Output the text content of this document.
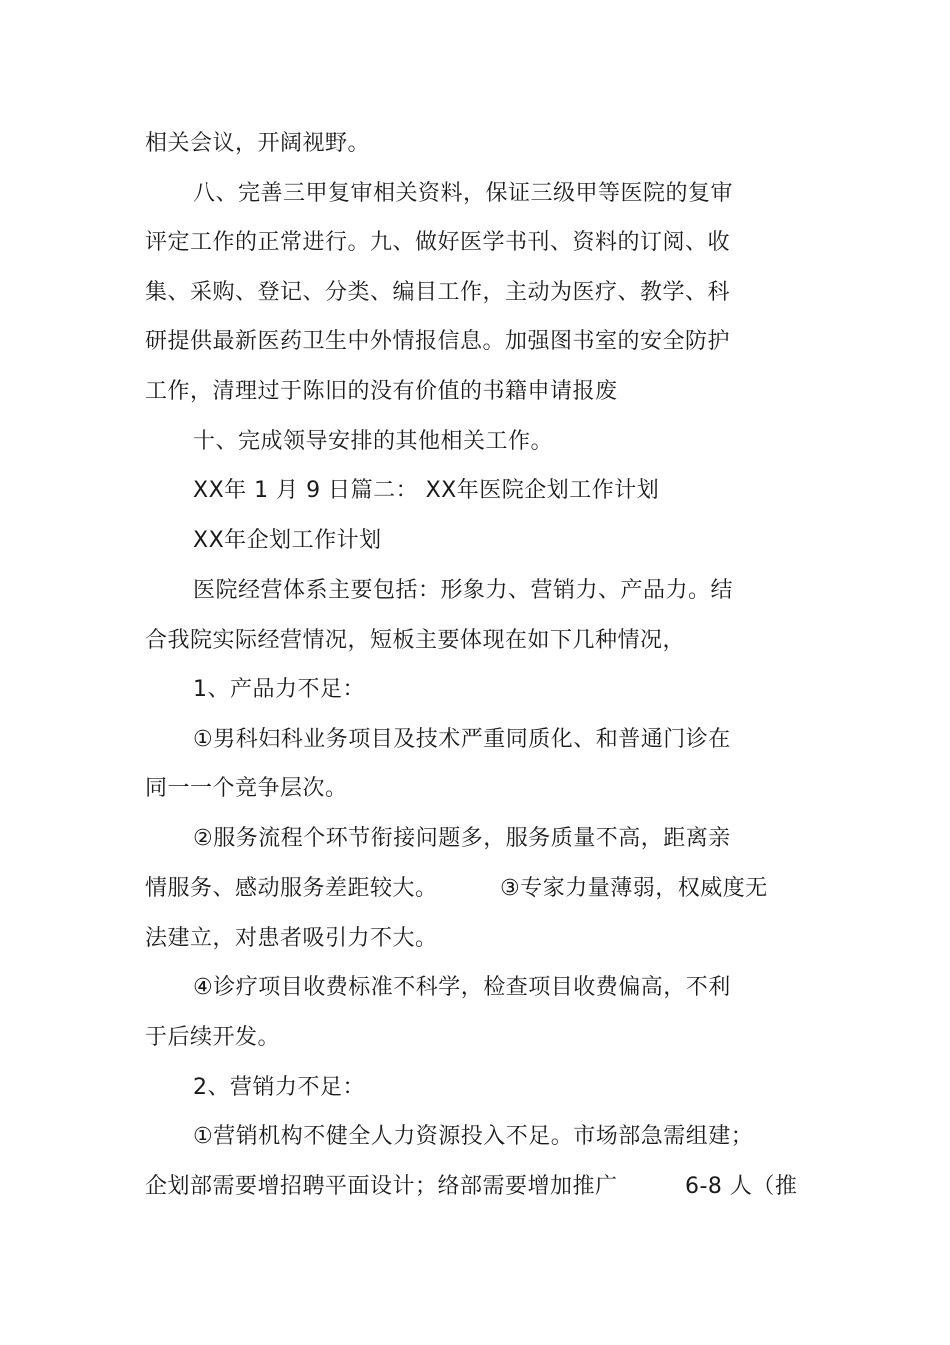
相关会议，开阔视野。
八、完善三甲复审相关资料，保证三级甲等医院的复审
评定工作的正常进行。九、做好医学书刊、资料的订阅、收
集、采购、登记、分类、编目工作，主动为医疗、教学、科
研提供最新医药卫生中外情报信息。加强图书室的安全防护
工作，清理过于陈旧的没有价值的书籍申请报废
十、完成领导安排的其他相关工作。
XX年 1 月 9 日篇二： XX年医院企划工作计划
XX年企划工作计划
医院经营体系主要包括：形象力、营销力、产品力。结
合我院实际经营情况，短板主要体现在如下几种情况，
1、产品力不足：
①男科妇科业务项目及技术严重同质化、和普通门诊在
同一一个竞争层次。
②服务流程个环节衔接问题多，服务质量不高，距离亲
情服务、感动服务差距较大。	③专家力量薄弱，权威度无
法建立，对患者吸引力不大。
④诊疗项目收费标准不科学，检查项目收费偏高，不利
于后续开发。
2、营销力不足：
①营销机构不健全人力资源投入不足。市场部急需组建；
企划部需要增招聘平面设计；络部需要增加推广	6-8 人（推
